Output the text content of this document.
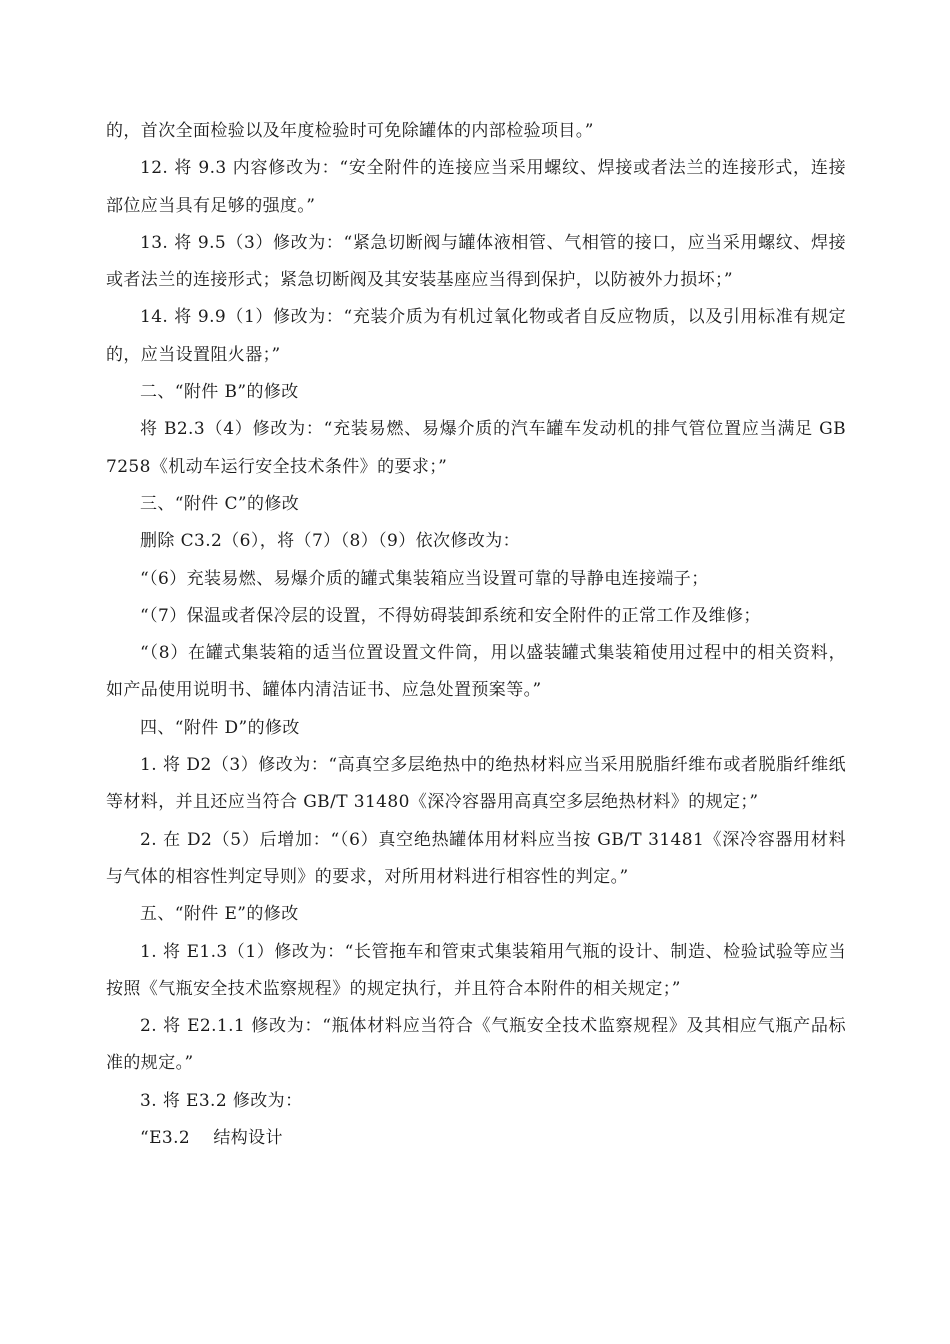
的，首次全面检验以及年度检验时可免除罐体的内部检验项目。”

12. 将 9.3 内容修改为：“安全附件的连接应当采用螺纹、焊接或者法兰的连接形式，连接部位应当具有足够的强度。”

13. 将 9.5（3）修改为：“紧急切断阀与罐体液相管、气相管的接口，应当采用螺纹、焊接或者法兰的连接形式；紧急切断阀及其安装基座应当得到保护，以防被外力损坏；”

14. 将 9.9（1）修改为：“充装介质为有机过氧化物或者自反应物质，以及引用标准有规定的，应当设置阻火器；”

二、“附件 B”的修改

将 B2.3（4）修改为：“充装易燃、易爆介质的汽车罐车发动机的排气管位置应当满足 GB 7258《机动车运行安全技术条件》的要求；”

三、“附件 C”的修改

删除 C3.2（6），将（7）（8）（9）依次修改为：

“（6）充装易燃、易爆介质的罐式集装箱应当设置可靠的导静电连接端子；

“（7）保温或者保冷层的设置，不得妨碍装卸系统和安全附件的正常工作及维修；

“（8）在罐式集装箱的适当位置设置文件筒，用以盛装罐式集装箱使用过程中的相关资料，如产品使用说明书、罐体内清洁证书、应急处置预案等。”

四、“附件 D”的修改

1. 将 D2（3）修改为：“高真空多层绝热中的绝热材料应当采用脱脂纤维布或者脱脂纤维纸等材料，并且还应当符合 GB/T 31480《深冷容器用高真空多层绝热材料》的规定；”

2. 在 D2（5）后增加：“（6）真空绝热罐体用材料应当按 GB/T 31481《深冷容器用材料与气体的相容性判定导则》的要求，对所用材料进行相容性的判定。”

五、“附件 E”的修改

1. 将 E1.3（1）修改为：“长管拖车和管束式集装箱用气瓶的设计、制造、检验试验等应当按照《气瓶安全技术监察规程》的规定执行，并且符合本附件的相关规定；”

2. 将 E2.1.1 修改为：“瓶体材料应当符合《气瓶安全技术监察规程》及其相应气瓶产品标准的规定。”

3. 将 E3.2 修改为：

“E3.2　 结构设计
